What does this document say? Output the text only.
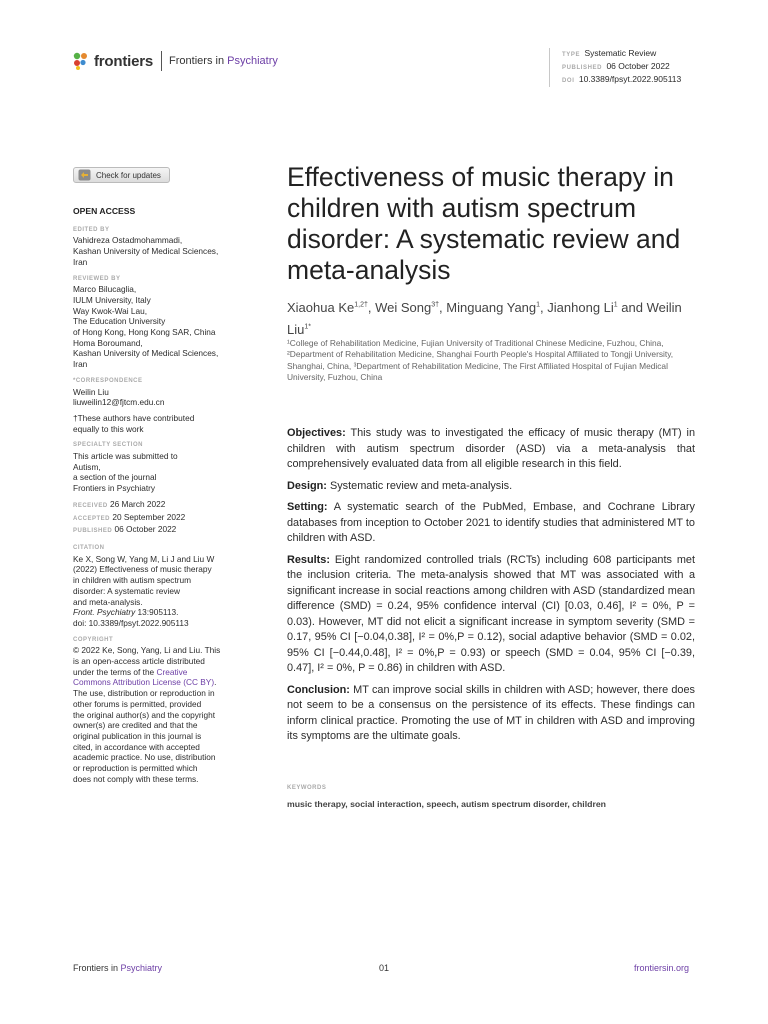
frontiers Frontiers in Psychiatry	TYPE Systematic Review
PUBLISHED 06 October 2022
DOI 10.3389/fpsyt.2022.905113
Check for updates
OPEN ACCESS
EDITED BY
Vahidreza Ostadmohammadi,
Kashan University of Medical Sciences,
Iran
REVIEWED BY
Marco Bilucaglia,
IULM University, Italy
Way Kwok-Wai Lau,
The Education University
of Hong Kong, Hong Kong SAR, China
Homa Boroumand,
Kashan University of Medical Sciences,
Iran
*CORRESPONDENCE
Weilin Liu
liuweilin12@fjtcm.edu.cn
†These authors have contributed
equally to this work
SPECIALTY SECTION
This article was submitted to
Autism,
a section of the journal
Frontiers in Psychiatry
RECEIVED 26 March 2022
ACCEPTED 20 September 2022
PUBLISHED 06 October 2022
CITATION
Ke X, Song W, Yang M, Li J and Liu W
(2022) Effectiveness of music therapy
in children with autism spectrum
disorder: A systematic review
and meta-analysis.
Front. Psychiatry 13:905113.
doi: 10.3389/fpsyt.2022.905113
COPYRIGHT
© 2022 Ke, Song, Yang, Li and Liu. This
is an open-access article distributed
under the terms of the Creative
Commons Attribution License (CC BY).
The use, distribution or reproduction in
other forums is permitted, provided
the original author(s) and the copyright
owner(s) are credited and that the
original publication in this journal is
cited, in accordance with accepted
academic practice. No use, distribution
or reproduction is permitted which
does not comply with these terms.
Effectiveness of music therapy in children with autism spectrum disorder: A systematic review and meta-analysis
Xiaohua $Ke^{1,2\dagger}$, Wei Song$^{3\dagger}$, Minguang Yang$^1$, Jianhong Li$^1$ and Weilin Liu$^{1*}$
¹College of Rehabilitation Medicine, Fujian University of Traditional Chinese Medicine, Fuzhou, China, ²Department of Rehabilitation Medicine, Shanghai Fourth People's Hospital Affiliated to Tongji University, Shanghai, China, ³Department of Rehabilitation Medicine, The First Affiliated Hospital of Fujian Medical University, Fuzhou, China

Objectives: This study was to investigated the efficacy of music therapy (MT) in children with autism spectrum disorder (ASD) via a meta-analysis that comprehensively evaluated data from all eligible research in this field.

Design: Systematic review and meta-analysis.

Setting: A systematic search of the PubMed, Embase, and Cochrane Library databases from inception to October 2021 to identify studies that administered MT to children with ASD.

Results: Eight randomized controlled trials (RCTs) including 608 participants met the inclusion criteria. The meta-analysis showed that MT was associated with a significant increase in social reactions among children with ASD (standardized mean difference (SMD) = 0.24, 95% confidence interval (CI) [0.03, 0.46], I² = 0%, P = 0.03). However, MT did not elicit a significant increase in symptom severity (SMD = 0.17, 95% CI [−0.04,0.38], I² = 0%,P = 0.12), social adaptive behavior (SMD = 0.02, 95% CI [−0.44,0.48], I² = 0%,P = 0.93) or speech (SMD = 0.04, 95% CI [−0.39, 0.47], I² = 0%, P = 0.86) in children with ASD.

Conclusion: MT can improve social skills in children with ASD; however, there does not seem to be a consensus on the persistence of its effects. These findings can inform clinical practice. Promoting the use of MT in children with ASD and improving its symptoms are the ultimate goals.

KEYWORDS
music therapy, social interaction, speech, autism spectrum disorder, children
Frontiers in Psychiatry	01	frontiersin.org
